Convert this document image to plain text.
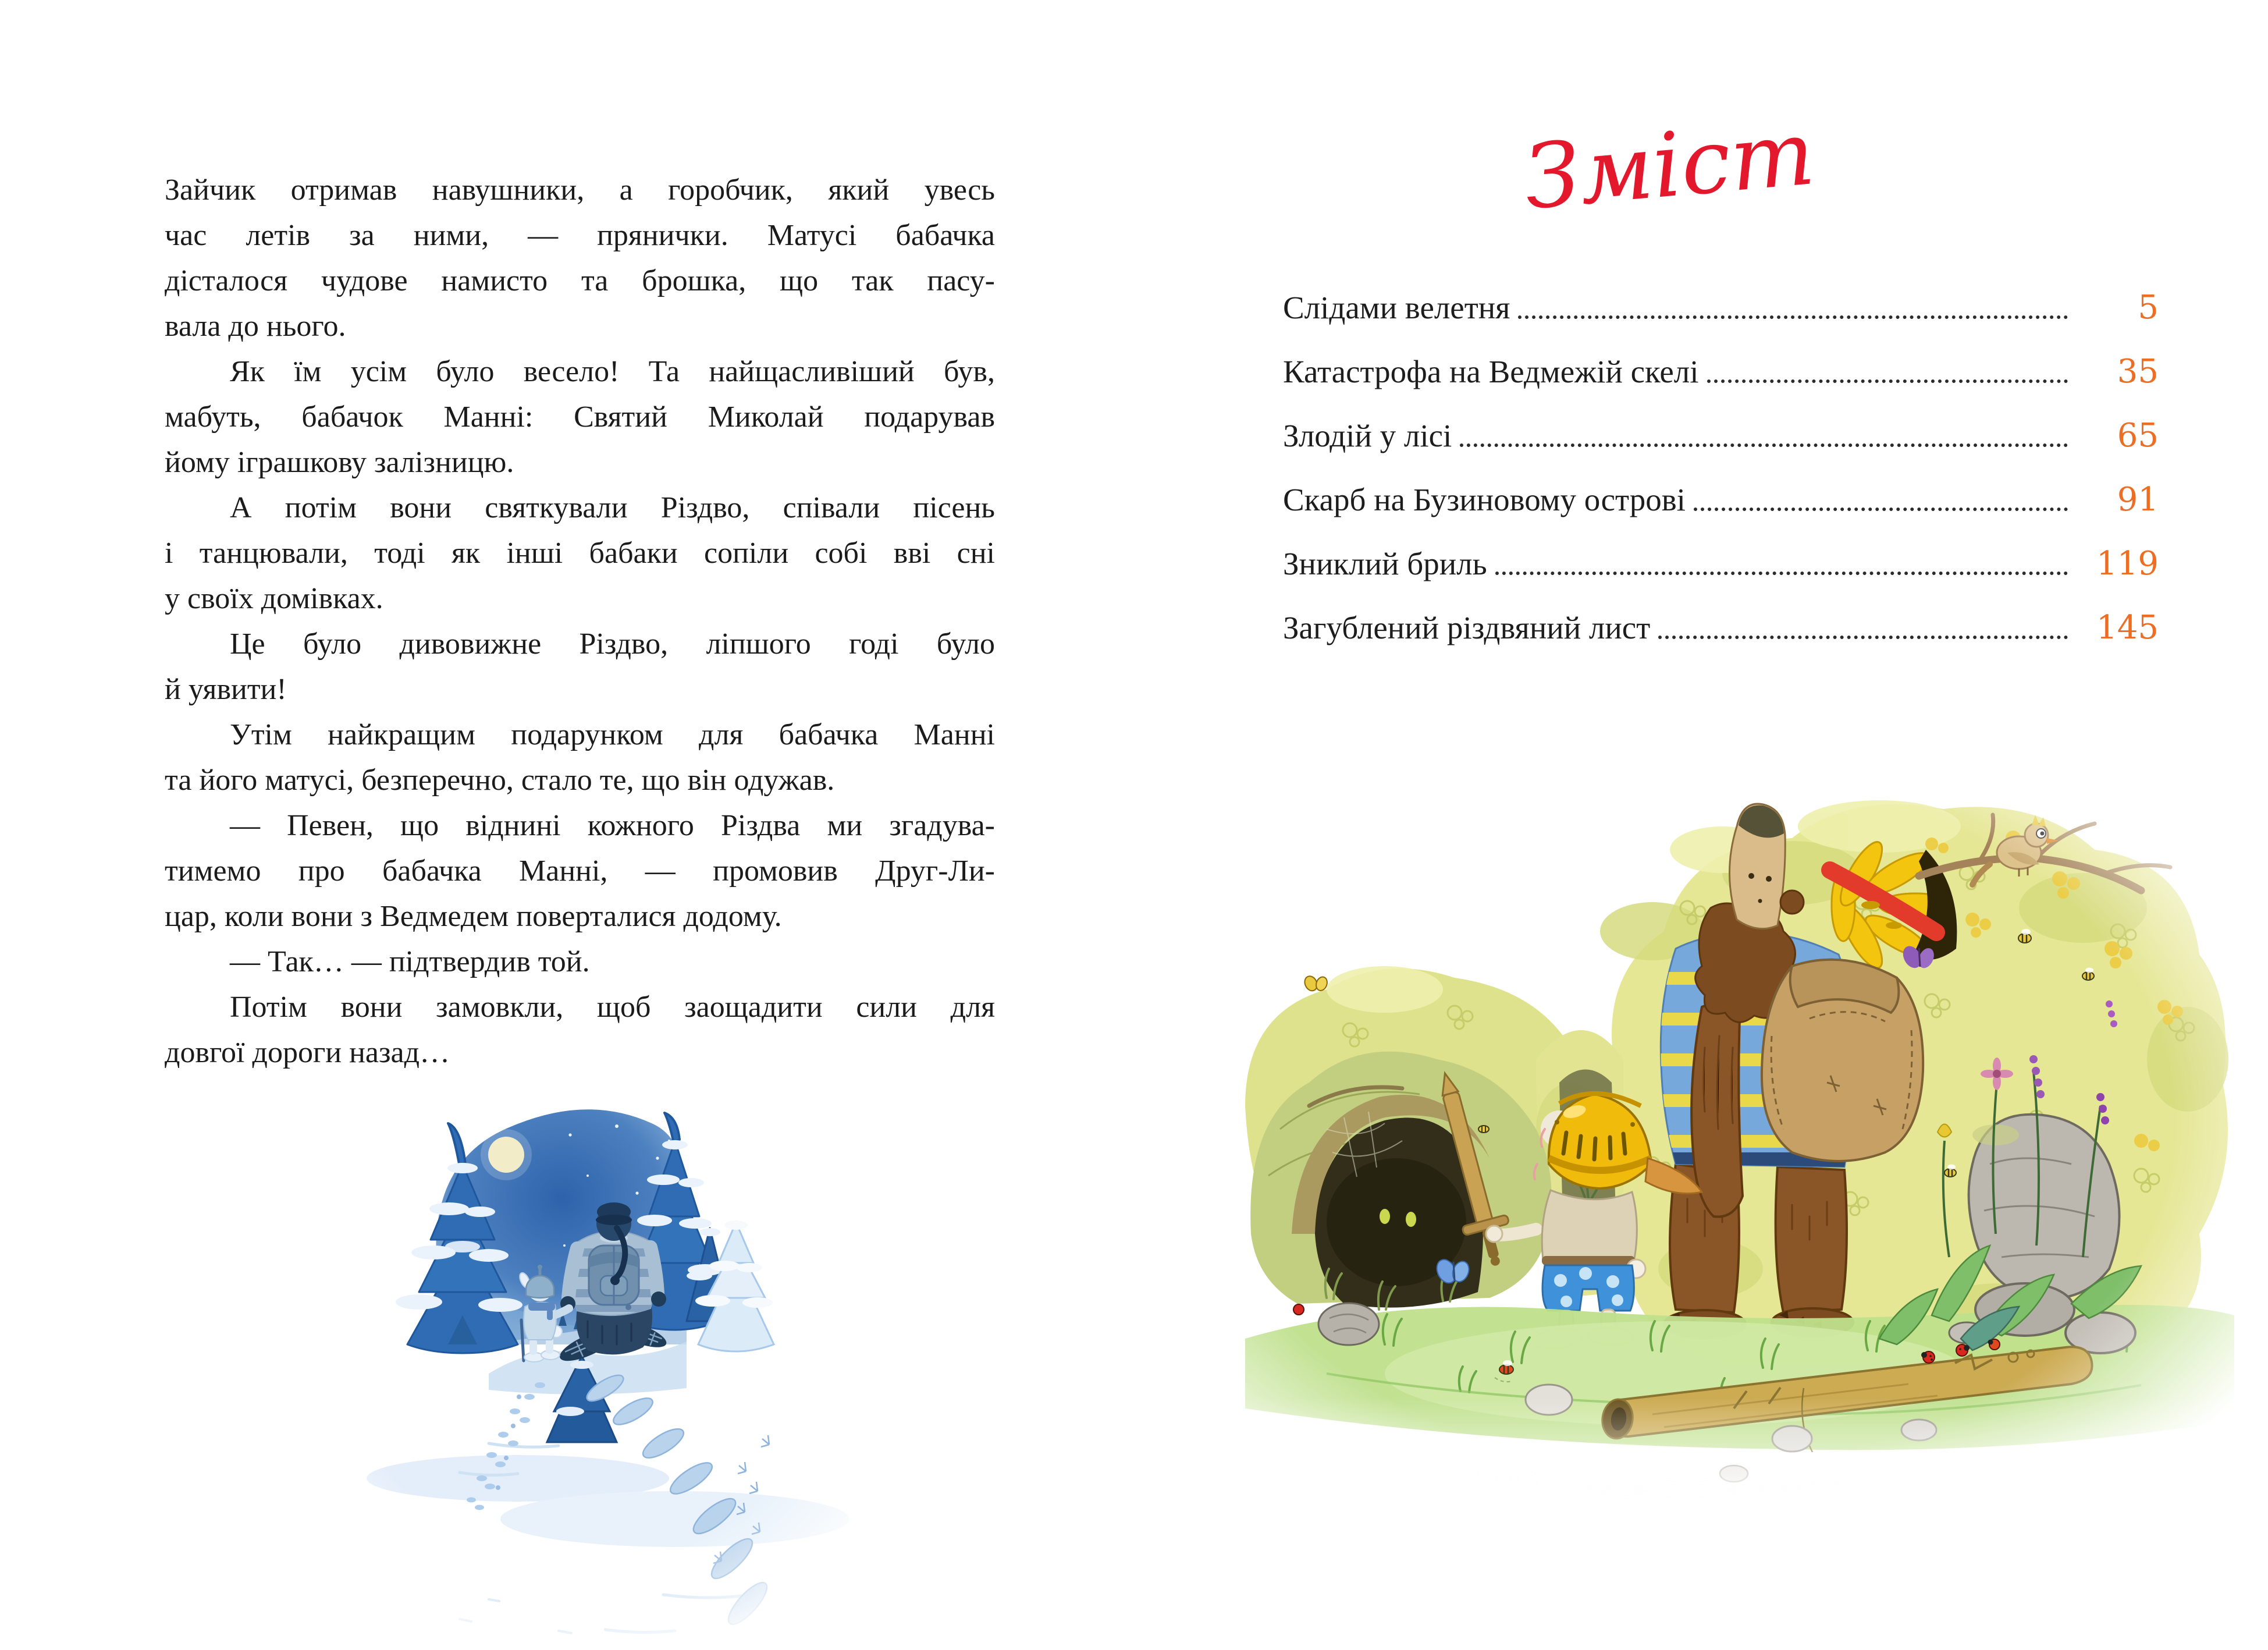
Зайчик отримав навушники, а горобчик, який увесь
час летів за ними, — прянички. Матусі бабачка
дісталося чудове намисто та брошка, що так пасу-
вала до нього.
Як їм усім було весело! Та найщасливіший був,
мабуть, бабачок Манні: Святий Миколай подарував
йому іграшкову залізницю.
А потім вони святкували Різдво, співали пісень
і танцювали, тоді як інші бабаки сопіли собі вві сні
у своїх домівках.
Це було дивовижне Різдво, ліпшого годі було
й уявити!
Утім найкращим подарунком для бабачка Манні
та його матусі, безперечно, стало те, що він одужав.
— Певен, що віднині кожного Різдва ми згадува-
тимемо про бабачка Манні, — промовив Друг-Ли-
цар, коли вони з Ведмедем поверталися додому.
— Так… — підтвердив той.
Потім вони замовкли, щоб заощадити сили для
довгої дороги назад…
Зміст
Слідами велетня	5
Катастрофа на Ведмежій скелі	35
Злодій у лісі	65
Скарб на Бузиновому острові	91
Зниклий бриль	119
Загублений різдвяний лист	145
